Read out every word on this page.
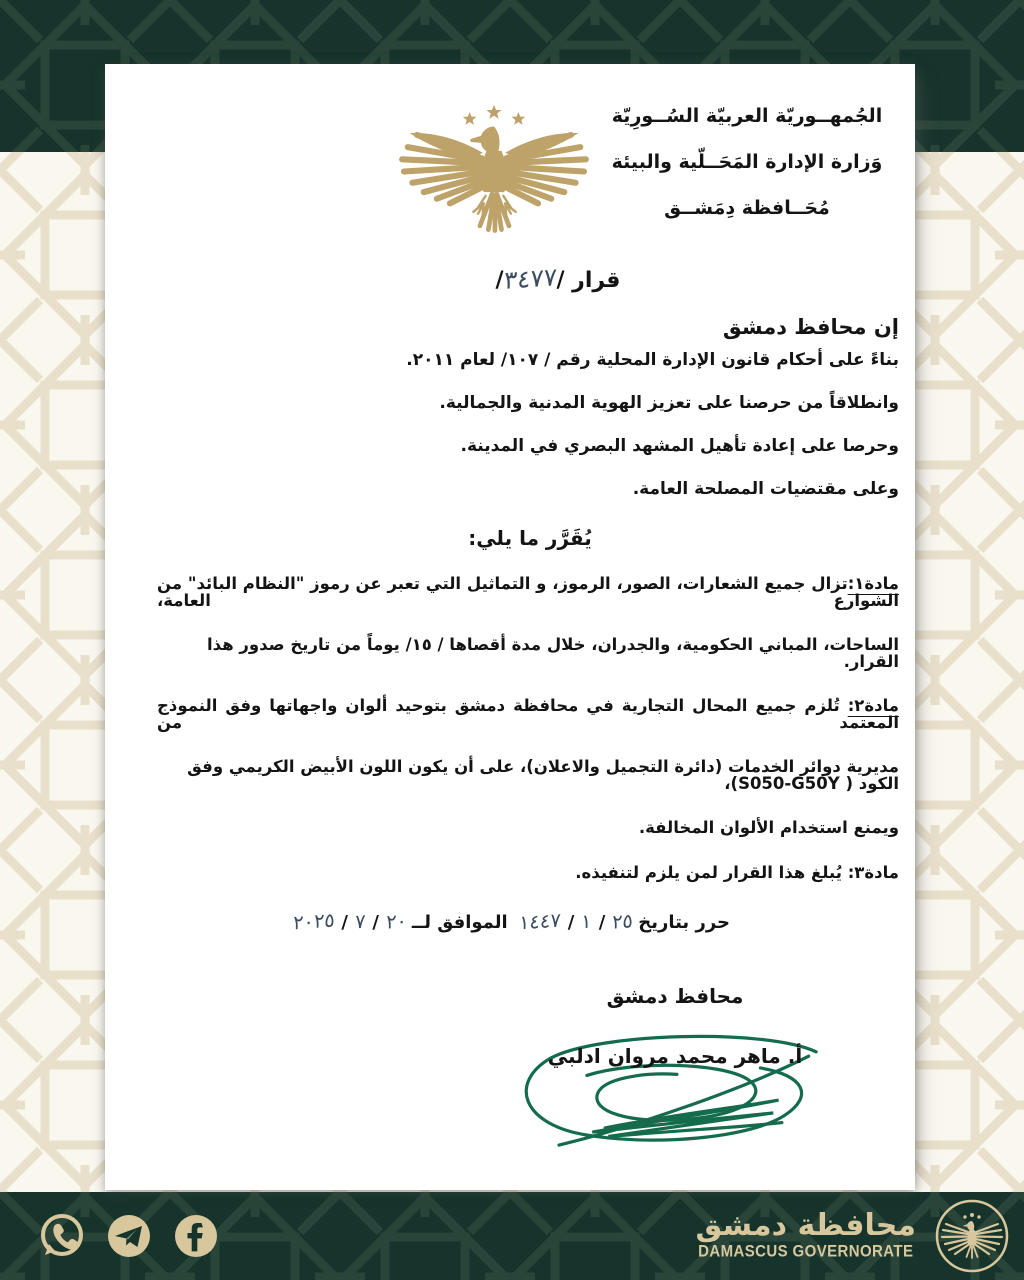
الجُمهــوريّة العربيّة السُــورِيّة
وَزارة الإدارة المَحَــلّية والبيئة
مُحَــافظة دِمَشــق
قرار /٣٤٧٧/
إن محافظ دمشق

بناءً على أحكام قانون الإدارة المحلية رقم / ١٠٧/ لعام ٢٠١١.

وانطلاقاً من حرصنا على تعزيز الهوية المدنية والجمالية.

وحرصا على إعادة تأهيل المشهد البصري في المدينة.

وعلى مقتضيات المصلحة العامة.

يُقَرَّر ما يلي:
مادة١:تزال جميع الشعارات، الصور، الرموز، و التماثيل التي تعبر عن رموز "النظام البائد" من الشوارع العامة،
الساحات، المباني الحكومية، والجدران، خلال مدة أقصاها / ١٥/ يوماً من تاريخ صدور هذا القرار.
مادة٢: تُلزم جميع المحال التجارية في محافظة دمشق بتوحيد ألوان واجهاتها وفق النموذج المعتمد من
مديرية دوائر الخدمات (دائرة التجميل والاعلان)، على أن يكون اللون الأبيض الكريمي وفق الكود ( S050-G50Y)،
ويمنع استخدام الألوان المخالفة.
مادة٣: يُبلغ هذا القرار لمن يلزم لتنفيذه.
حرر بتاريخ٢٥/١/١٤٤٧ الموافق لــ٢٠/٧/٢٠٢٥
محافظ دمشق
أ. ماهر محمد مروان ادلبي
محافظة دمشق
DAMASCUS GOVERNORATE
